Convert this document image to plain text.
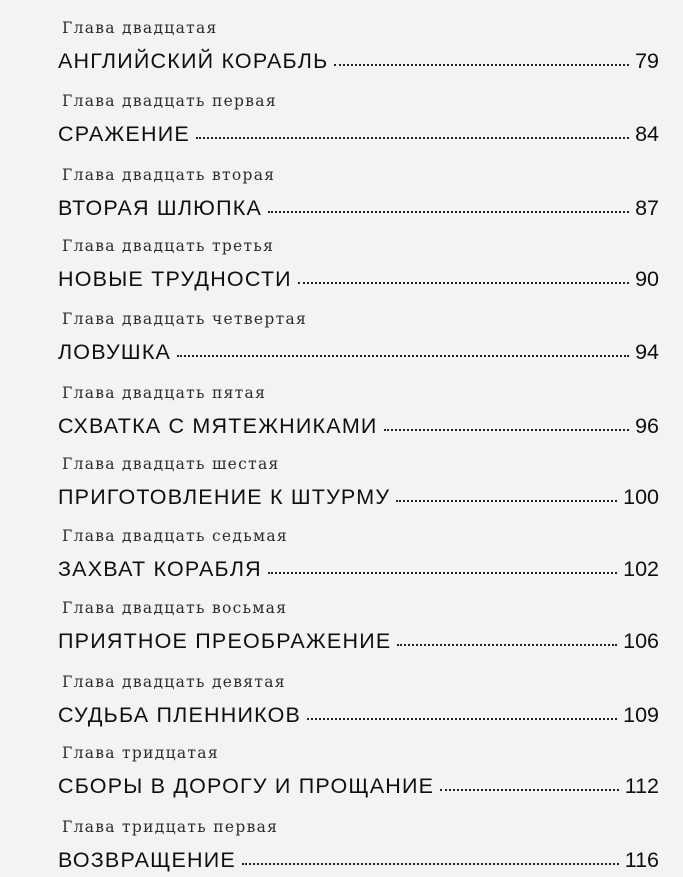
Глава двадцатая
АНГЛИЙСКИЙ КОРАБЛЬ	79
Глава двадцать первая
СРАЖЕНИЕ	84
Глава двадцать вторая
ВТОРАЯ ШЛЮПКА	87
Глава двадцать третья
НОВЫЕ ТРУДНОСТИ	90
Глава двадцать четвертая
ЛОВУШКА	94
Глава двадцать пятая
СХВАТКА С МЯТЕЖНИКАМИ	96
Глава двадцать шестая
ПРИГОТОВЛЕНИЕ К ШТУРМУ	100
Глава двадцать седьмая
ЗАХВАТ КОРАБЛЯ	102
Глава двадцать восьмая
ПРИЯТНОЕ ПРЕОБРАЖЕНИЕ	106
Глава двадцать девятая
СУДЬБА ПЛЕННИКОВ	109
Глава тридцатая
СБОРЫ В ДОРОГУ И ПРОЩАНИЕ	112
Глава тридцать первая
ВОЗВРАЩЕНИЕ	116
